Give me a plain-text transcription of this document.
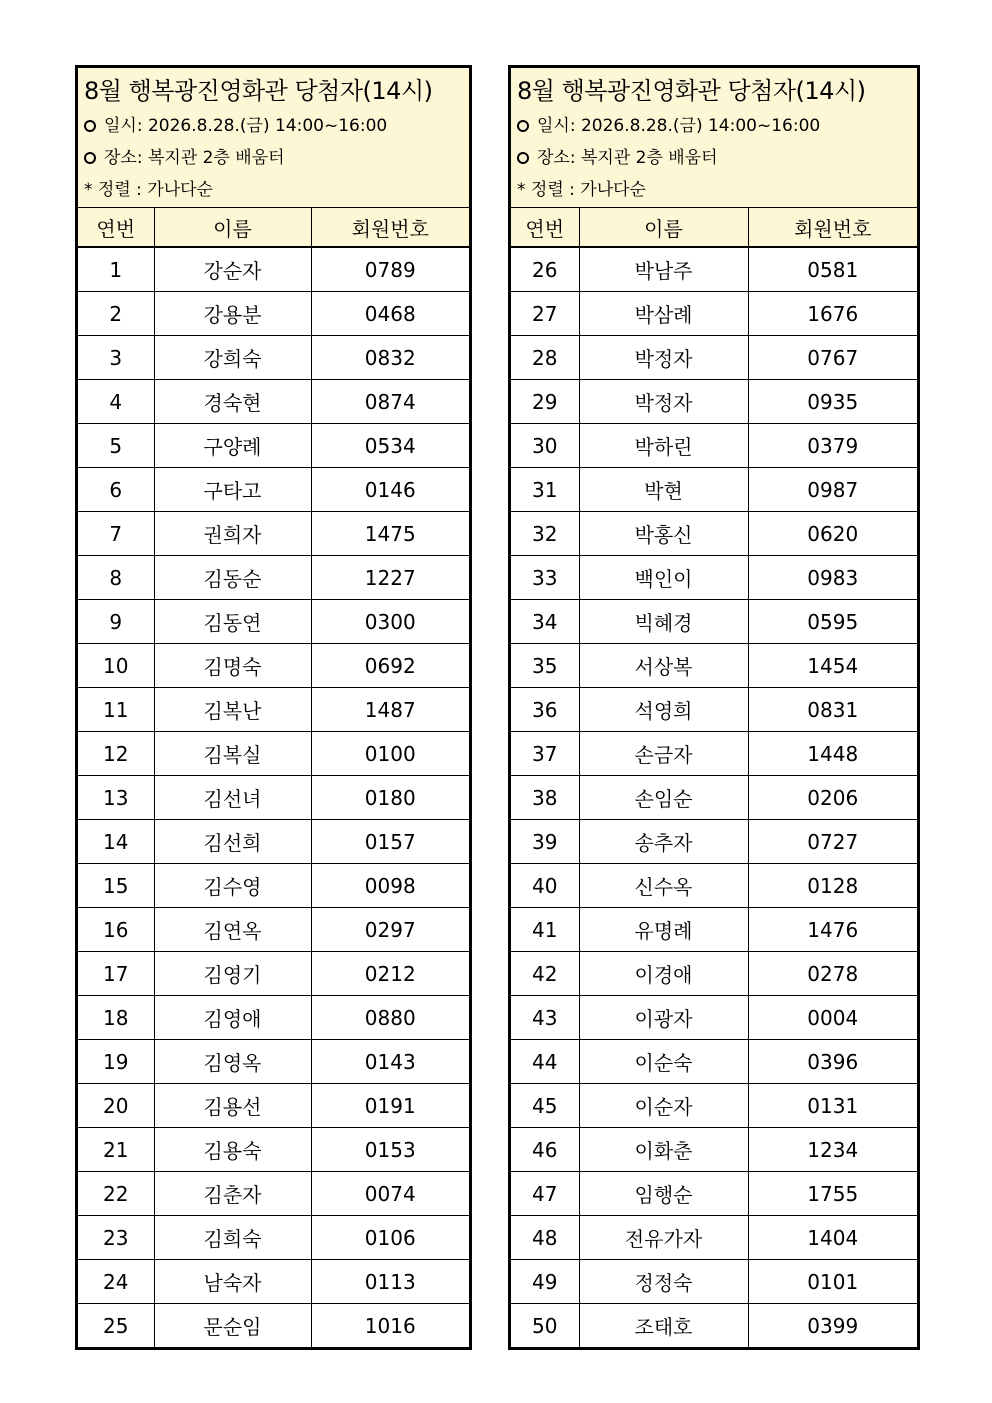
8월 행복광진영화관 당첨자(14시)
일시: 2026.8.28.(금) 14:00~16:00
장소: 복지관 2층 배움터
* 정렬 : 가나다순
연번	이름	회원번호
1	강순자	0789
2	강용분	0468
3	강희숙	0832
4	경숙현	0874
5	구양례	0534
6	구타고	0146
7	권희자	1475
8	김동순	1227
9	김동연	0300
10	김명숙	0692
11	김복난	1487
12	김복실	0100
13	김선녀	0180
14	김선희	0157
15	김수영	0098
16	김연옥	0297
17	김영기	0212
18	김영애	0880
19	김영옥	0143
20	김용선	0191
21	김용숙	0153
22	김춘자	0074
23	김희숙	0106
24	남숙자	0113
25	문순임	1016
8월 행복광진영화관 당첨자(14시)
일시: 2026.8.28.(금) 14:00~16:00
장소: 복지관 2층 배움터
* 정렬 : 가나다순
연번	이름	회원번호
26	박남주	0581
27	박삼례	1676
28	박정자	0767
29	박정자	0935
30	박하린	0379
31	박현	0987
32	박홍신	0620
33	백인이	0983
34	빅혜경	0595
35	서상복	1454
36	석영희	0831
37	손금자	1448
38	손임순	0206
39	송추자	0727
40	신수옥	0128
41	유명례	1476
42	이경애	0278
43	이광자	0004
44	이순숙	0396
45	이순자	0131
46	이화춘	1234
47	임행순	1755
48	전유가자	1404
49	정정숙	0101
50	조태호	0399
